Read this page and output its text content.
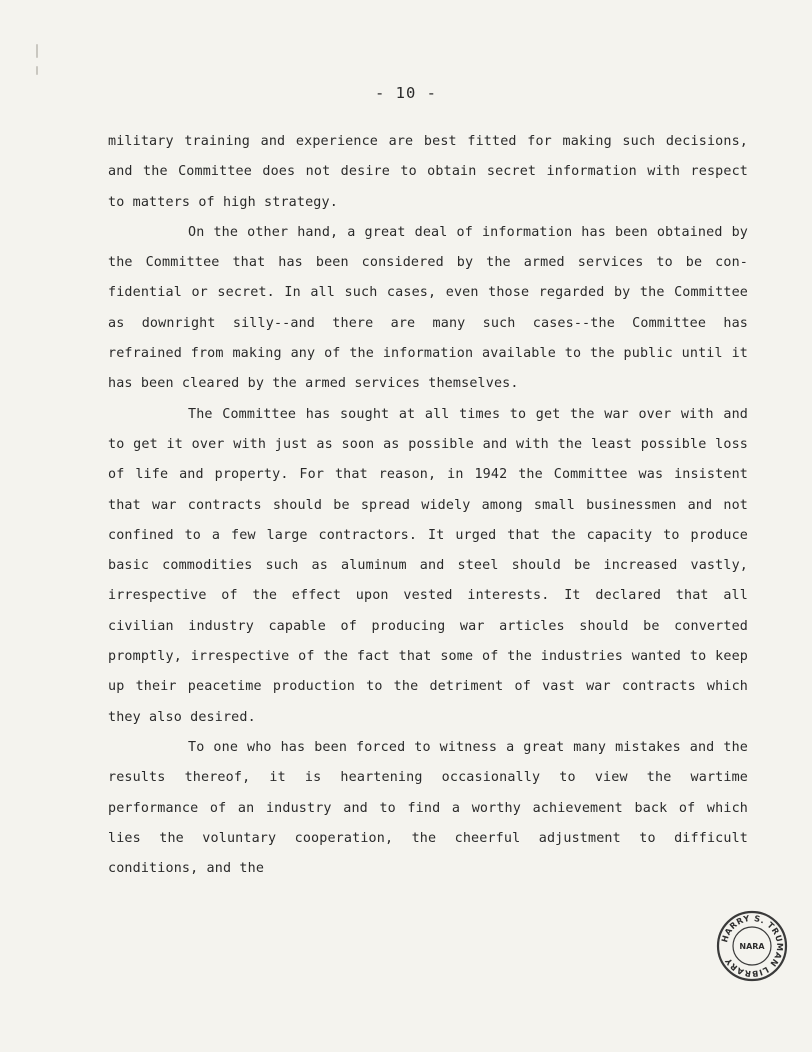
- 10 -

military training and experience are best fitted for making such decisions, and the Committee does not desire to obtain secret information with respect to matters of high strategy.

On the other hand, a great deal of information has been obtained by the Committee that has been considered by the armed services to be con-fidential or secret. In all such cases, even those regarded by the Committee as downright silly--and there are many such cases--the Committee has refrained from making any of the information available to the public until it has been cleared by the armed services themselves.

The Committee has sought at all times to get the war over with and to get it over with just as soon as possible and with the least possible loss of life and property. For that reason, in 1942 the Committee was insistent that war contracts should be spread widely among small businessmen and not confined to a few large contractors. It urged that the capacity to produce basic commodities such as aluminum and steel should be increased vastly, irrespective of the effect upon vested interests. It declared that all civilian industry capable of producing war articles should be converted promptly, irrespective of the fact that some of the industries wanted to keep up their peacetime production to the detriment of vast war contracts which they also desired.

To one who has been forced to witness a great many mistakes and the results thereof, it is heartening occasionally to view the wartime performance of an industry and to find a worthy achievement back of which lies the voluntary cooperation, the cheerful adjustment to difficult conditions, and the

HARRY S. TRUMAN LIBRARY
NARA
